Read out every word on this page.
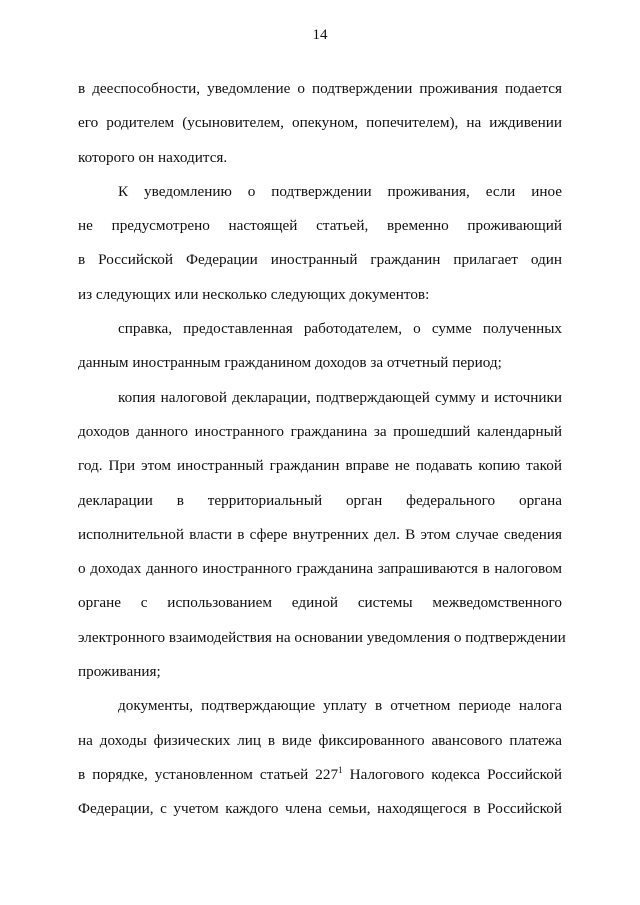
14
в дееспособности, уведомление о подтверждении проживания подается
его родителем (усыновителем, опекуном, попечителем), на иждивении
которого он находится.
К уведомлению о подтверждении проживания, если иное
не предусмотрено настоящей статьей, временно проживающий
в Российской Федерации иностранный гражданин прилагает один
из следующих или несколько следующих документов:
справка, предоставленная работодателем, о сумме полученных
данным иностранным гражданином доходов за отчетный период;
копия налоговой декларации, подтверждающей сумму и источники
доходов данного иностранного гражданина за прошедший календарный
год. При этом иностранный гражданин вправе не подавать копию такой
декларации в территориальный орган федерального органа
исполнительной власти в сфере внутренних дел. В этом случае сведения
о доходах данного иностранного гражданина запрашиваются в налоговом
органе с использованием единой системы межведомственного
электронного взаимодействия на основании уведомления о подтверждении
проживания;
документы, подтверждающие уплату в отчетном периоде налога
на доходы физических лиц в виде фиксированного авансового платежа
в порядке, установленном статьей $227^1$ Налогового кодекса Российской
Федерации, с учетом каждого члена семьи, находящегося в Российской
